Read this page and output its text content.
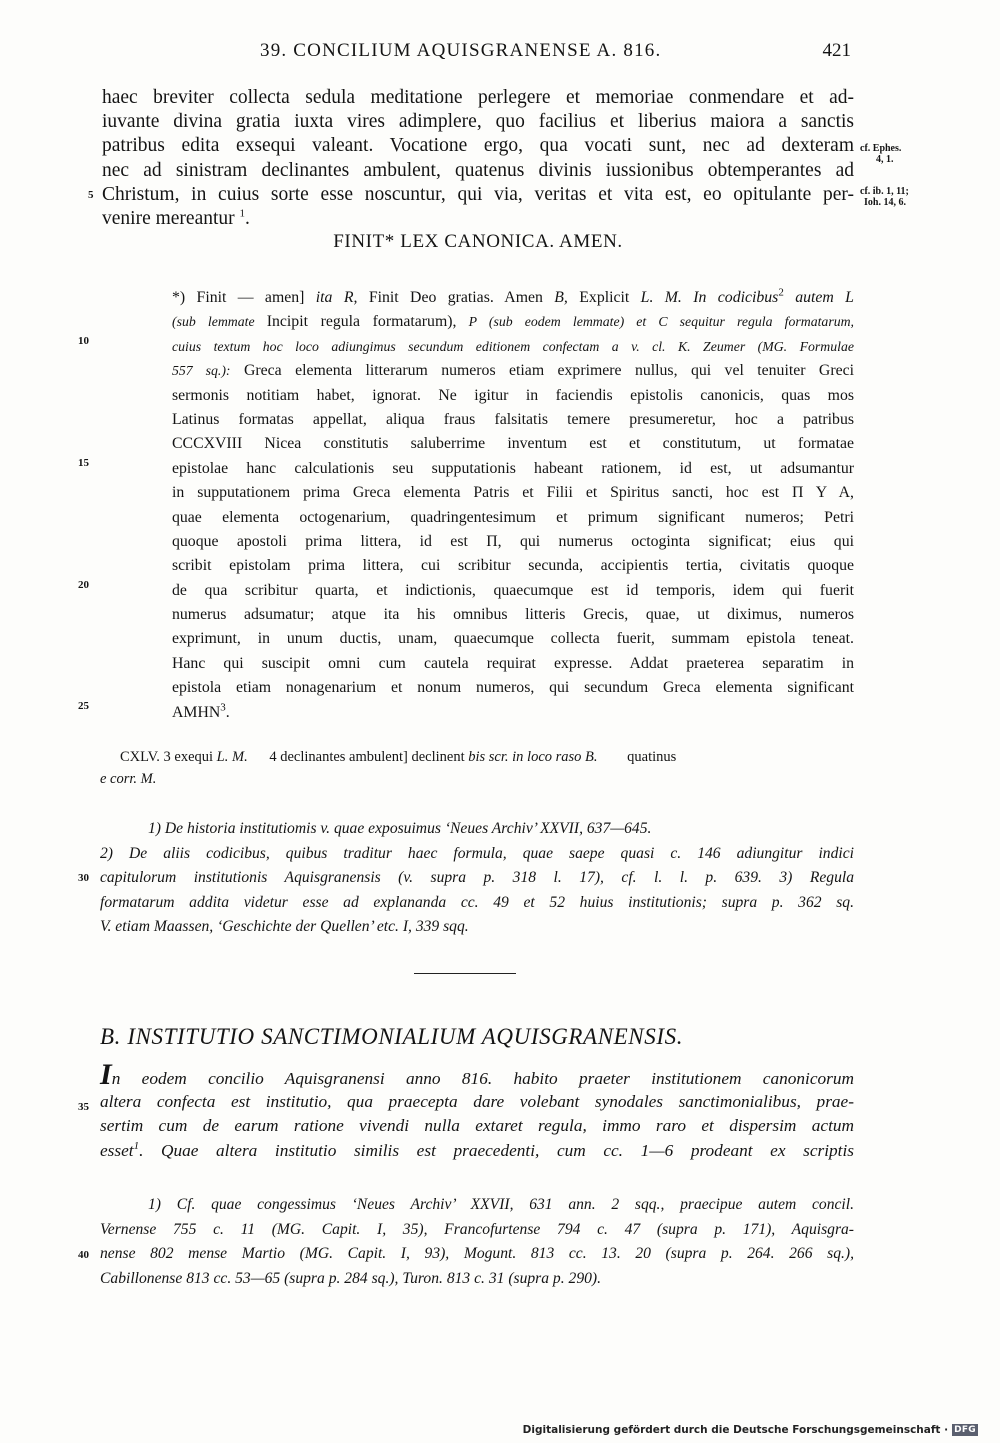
39. CONCILIUM AQUISGRANENSE A. 816.	421
haec breviter collecta sedula meditatione perlegere et memoriae conmendare et ad-
iuvante divina gratia iuxta vires adimplere, quo facilius et liberius maiora a sanctis
patribus edita exsequi valeant. Vocatione ergo, qua vocati sunt, nec ad dexteram
nec ad sinistram declinantes ambulent, quatenus divinis iussionibus obtemperantes ad
Christum, in cuius sorte esse noscuntur, qui via, veritas et vita est, eo opitulante per-
venire mereantur $^1$.
cf. Ephes.
4, 1.
cf. ib. 1, 11;
Ioh. 14, 6.
5
10
15
20
25
30
35
40
FINIT* LEX CANONICA. AMEN.
*) Finit — amen] ita R, Finit Deo gratias. Amen B, Explicit L. M. In codicibus$^2$ autem L
(sub lemmate Incipit regula formatarum), P (sub eodem lemmate) et C sequitur regula formatarum,
cuius textum hoc loco adiungimus secundum editionem confectam a v. cl. K. Zeumer (MG. Formulae
557 sq.): Greca elementa litterarum numeros etiam exprimere nullus, qui vel tenuiter Greci
sermonis notitiam habet, ignorat. Ne igitur in faciendis epistolis canonicis, quas mos
Latinus formatas appellat, aliqua fraus falsitatis temere presumeretur, hoc a patribus
CCCXVIII Nicea constitutis saluberrime inventum est et constitutum, ut formatae
epistolae hanc calculationis seu supputationis habeant rationem, id est, ut adsumantur
in supputationem prima Greca elementa Patris et Filii et Spiritus sancti, hoc est Π Υ Α,
quae elementa octogenarium, quadringentesimum et primum significant numeros; Petri
quoque apostoli prima littera, id est Π, qui numerus octoginta significat; eius qui
scribit epistolam prima littera, cui scribitur secunda, accipientis tertia, civitatis quoque
de qua scribitur quarta, et indictionis, quaecumque est id temporis, idem qui fuerit
numerus adsumatur; atque ita his omnibus litteris Grecis, quae, ut diximus, numeros
exprimunt, in unum ductis, unam, quaecumque collecta fuerit, summam epistola teneat.
Hanc qui suscipit omni cum cautela requirat expresse. Addat praeterea separatim in
epistola etiam nonagenarium et nonum numeros, qui secundum Greca elementa significant
ΑΜΗΝ$^3$.
CXLV. 3 exequi L. M. 4 declinantes ambulent] declinent bis scr. in loco raso B. quatinus
e corr. M.
1) De historia institutiomis v. quae exposuimus ‘Neues Archiv’ XXVII, 637—645.
2) De aliis codicibus, quibus traditur haec formula, quae saepe quasi c. 146 adiungitur indici
capitulorum institutionis Aquisgranensis (v. supra p. 318 l. 17), cf. l. l. p. 639. 3) Regula
formatarum addita videtur esse ad explananda cc. 49 et 52 huius institutionis; supra p. 362 sq.
V. etiam Maassen, ‘Geschichte der Quellen’ etc. I, 339 sqq.
B. INSTITUTIO SANCTIMONIALIUM AQUISGRANENSIS.
In eodem concilio Aquisgranensi anno 816. habito praeter institutionem canonicorum
altera confecta est institutio, qua praecepta dare volebant synodales sanctimonialibus, prae-
sertim cum de earum ratione vivendi nulla extaret regula, immo raro et dispersim actum
esset$^1$. Quae altera institutio similis est praecedenti, cum cc. 1—6 prodeant ex scriptis
1) Cf. quae congessimus ‘Neues Archiv’ XXVII, 631 ann. 2 sqq., praecipue autem concil.
Vernense 755 c. 11 (MG. Capit. I, 35), Francofurtense 794 c. 47 (supra p. 171), Aquisgra-
nense 802 mense Martio (MG. Capit. I, 93), Mogunt. 813 cc. 13. 20 (supra p. 264. 266 sq.),
Cabillonense 813 cc. 53—65 (supra p. 284 sq.), Turon. 813 c. 31 (supra p. 290).
Digitalisierung gefördert durch die Deutsche Forschungsgemeinschaft · DFG
